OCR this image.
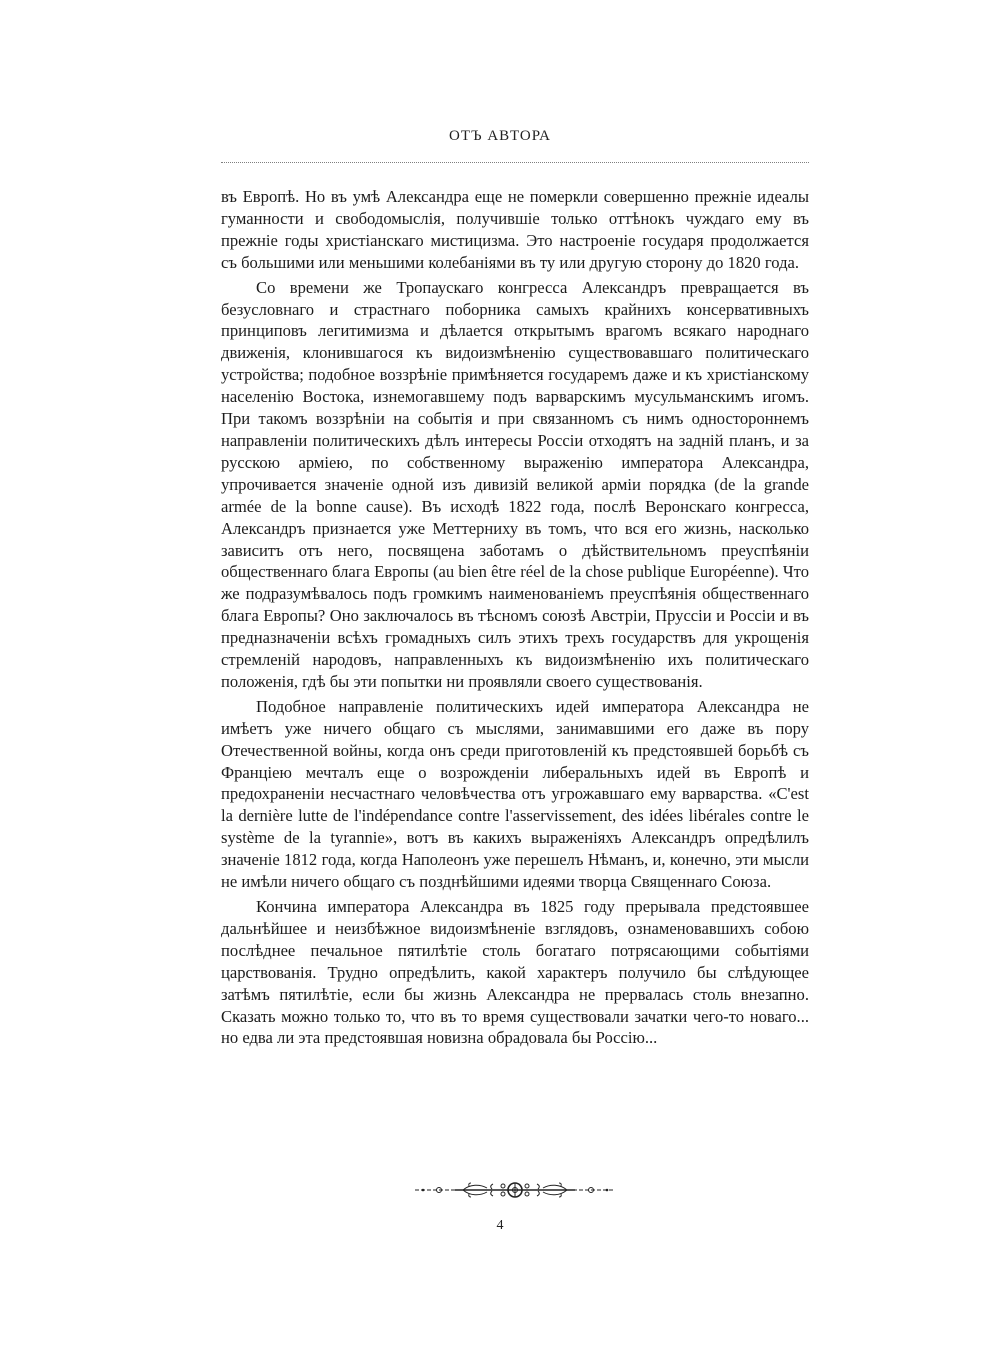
ОТЪ АВТОРА

въ Европѣ. Но въ умѣ Александра еще не померкли совершенно прежніе идеалы гуманности и свободомыслія, получившіе только оттѣнокъ чуждаго ему въ прежніе годы христіанскаго мистицизма. Это настроеніе государя продолжается съ большими или меньшими колебаніями въ ту или другую сторону до 1820 года.

Со времени же Тропаускаго конгресса Александръ превращается въ безусловнаго и страстнаго поборника самыхъ крайнихъ консервативныхъ принциповъ легитимизма и дѣлается открытымъ врагомъ всякаго народнаго движенія, клонившагося къ видоизмѣненію существовавшаго политическаго устройства; подобное воззрѣніе примѣняется государемъ даже и къ христіанскому населенію Востока, изнемогавшему подъ варварскимъ мусульманскимъ игомъ. При такомъ воззрѣніи на событія и при связанномъ съ нимъ одностороннемъ направленіи политическихъ дѣлъ интересы Россіи отходятъ на задній планъ, и за русскою арміею, по собственному выраженію императора Александра, упрочивается значеніе одной изъ дивизій великой арміи порядка (de la grande armée de la bonne cause). Въ исходѣ 1822 года, послѣ Веронскаго конгресса, Александръ признается уже Меттерниху въ томъ, что вся его жизнь, насколько зависитъ отъ него, посвящена заботамъ о дѣйствительномъ преуспѣяніи общественнаго блага Европы (au bien être réel de la chose publique Européenne). Что же подразумѣвалось подъ громкимъ наименованіемъ преуспѣянія общественнаго блага Европы? Оно заключалось въ тѣсномъ союзѣ Австріи, Пруссіи и Россіи и въ предназначеніи всѣхъ громадныхъ силъ этихъ трехъ государствъ для укрощенія стремленій народовъ, направленныхъ къ видоизмѣненію ихъ политическаго положенія, гдѣ бы эти попытки ни проявляли своего существованія.

Подобное направленіе политическихъ идей императора Александра не имѣетъ уже ничего общаго съ мыслями, занимавшими его даже въ пору Отечественной войны, когда онъ среди приготовленій къ предстоявшей борьбѣ съ Франціею мечталъ еще о возрожденіи либеральныхъ идей въ Европѣ и предохраненіи несчастнаго человѣчества отъ угрожавшаго ему варварства. «C'est la dernière lutte de l'indépendance contre l'asservissement, des idées libérales contre le système de la tyrannie», вотъ въ какихъ выраженіяхъ Александръ опредѣлилъ значеніе 1812 года, когда Наполеонъ уже перешелъ Нѣманъ, и, конечно, эти мысли не имѣли ничего общаго съ позднѣйшими идеями творца Священнаго Союза.

Кончина императора Александра въ 1825 году прерывала предстоявшее дальнѣйшее и неизбѣжное видоизмѣненіе взглядовъ, ознаменовавшихъ собою послѣднее печальное пятилѣтіе столь богатаго потрясающими событіями царствованія. Трудно опредѣлить, какой характеръ получило бы слѣдующее затѣмъ пятилѣтіе, если бы жизнь Александра не прервалась столь внезапно. Сказать можно только то, что въ то время существовали зачатки чего-то новаго... но едва ли эта предстоявшая новизна обрадовала бы Россію...

4
